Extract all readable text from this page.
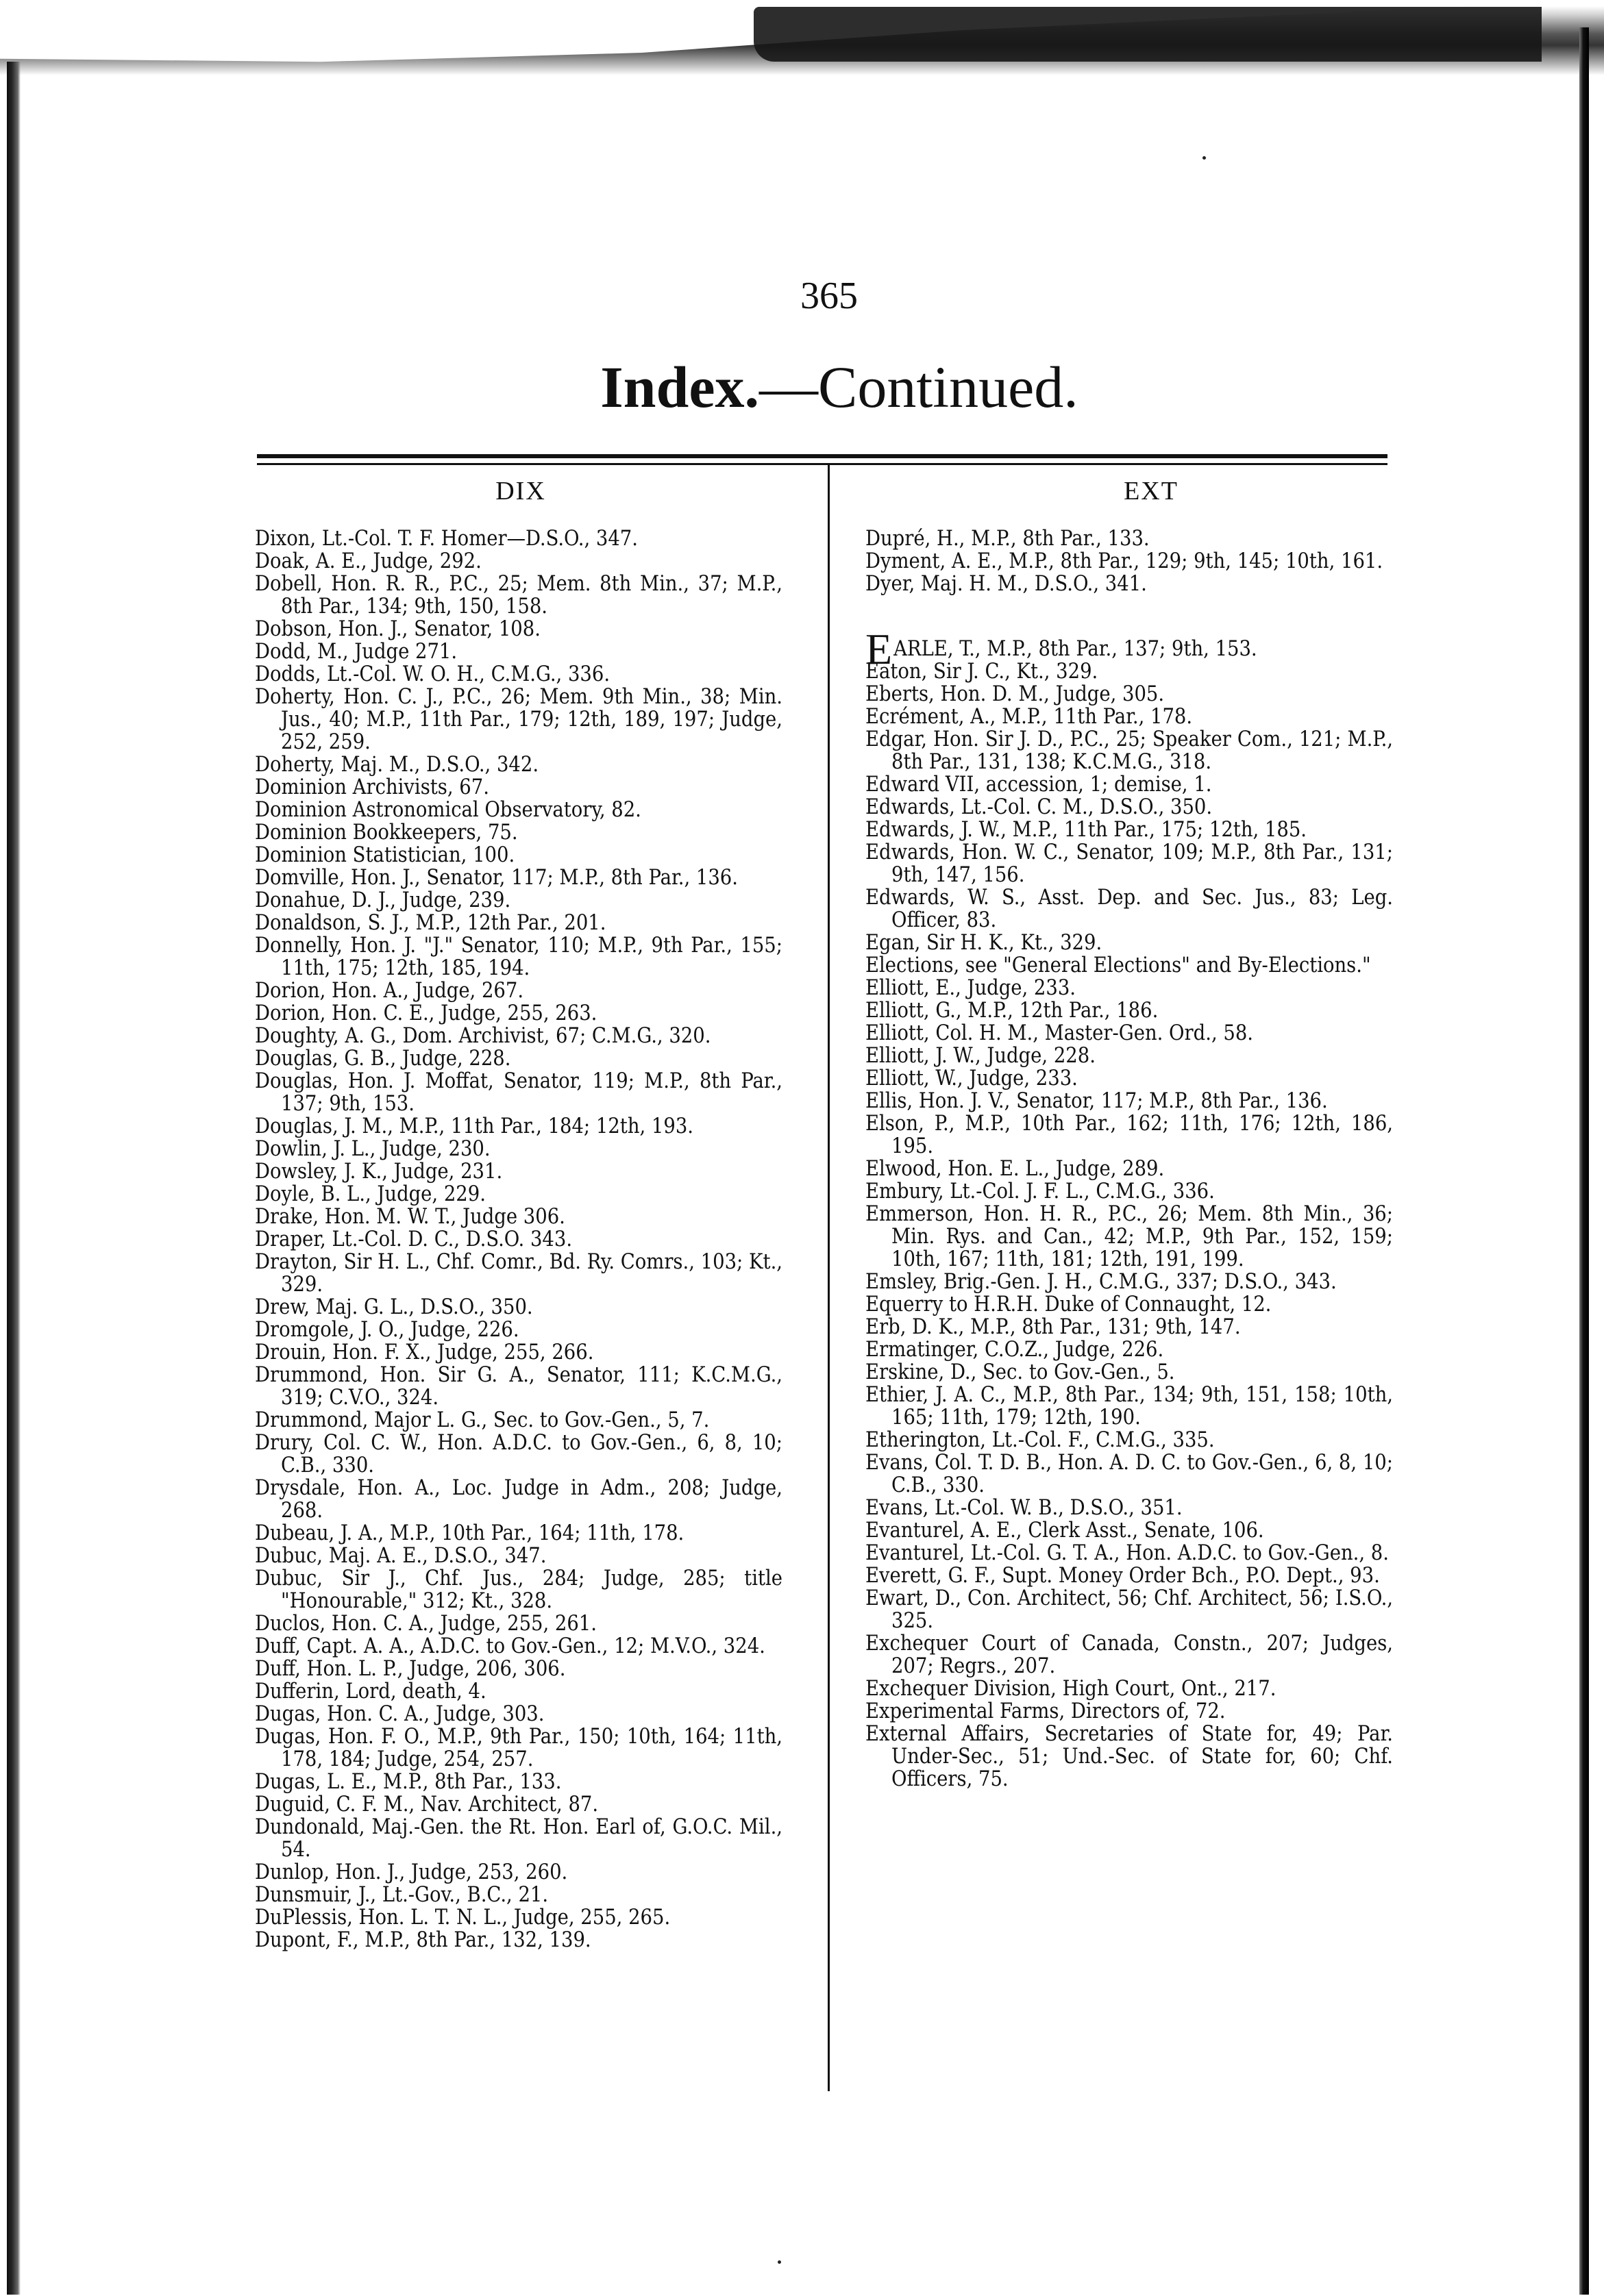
365
Index.—Continued.
DIX	EXT
Dixon, Lt.-Col. T. F. Homer—D.S.O., 347.
Doak, A. E., Judge, 292.
Dobell, Hon. R. R., P.C., 25; Mem. 8th Min., 37; M.P., 8th Par., 134; 9th, 150, 158.
Dobson, Hon. J., Senator, 108.
Dodd, M., Judge 271.
Dodds, Lt.-Col. W. O. H., C.M.G., 336.
Doherty, Hon. C. J., P.C., 26; Mem. 9th Min., 38; Min. Jus., 40; M.P., 11th Par., 179; 12th, 189, 197; Judge, 252, 259.
Doherty, Maj. M., D.S.O., 342.
Dominion Archivists, 67.
Dominion Astronomical Observatory, 82.
Dominion Bookkeepers, 75.
Dominion Statistician, 100.
Domville, Hon. J., Senator, 117; M.P., 8th Par., 136.
Donahue, D. J., Judge, 239.
Donaldson, S. J., M.P., 12th Par., 201.
Donnelly, Hon. J. "J." Senator, 110; M.P., 9th Par., 155; 11th, 175; 12th, 185, 194.
Dorion, Hon. A., Judge, 267.
Dorion, Hon. C. E., Judge, 255, 263.
Doughty, A. G., Dom. Archivist, 67; C.M.G., 320.
Douglas, G. B., Judge, 228.
Douglas, Hon. J. Moffat, Senator, 119; M.P., 8th Par., 137; 9th, 153.
Douglas, J. M., M.P., 11th Par., 184; 12th, 193.
Dowlin, J. L., Judge, 230.
Dowsley, J. K., Judge, 231.
Doyle, B. L., Judge, 229.
Drake, Hon. M. W. T., Judge 306.
Draper, Lt.-Col. D. C., D.S.O. 343.
Drayton, Sir H. L., Chf. Comr., Bd. Ry. Comrs., 103; Kt., 329.
Drew, Maj. G. L., D.S.O., 350.
Dromgole, J. O., Judge, 226.
Drouin, Hon. F. X., Judge, 255, 266.
Drummond, Hon. Sir G. A., Senator, 111; K.C.M.G., 319; C.V.O., 324.
Drummond, Major L. G., Sec. to Gov.-Gen., 5, 7.
Drury, Col. C. W., Hon. A.D.C. to Gov.-Gen., 6, 8, 10; C.B., 330.
Drysdale, Hon. A., Loc. Judge in Adm., 208; Judge, 268.
Dubeau, J. A., M.P., 10th Par., 164; 11th, 178.
Dubuc, Maj. A. E., D.S.O., 347.
Dubuc, Sir J., Chf. Jus., 284; Judge, 285; title "Honourable," 312; Kt., 328.
Duclos, Hon. C. A., Judge, 255, 261.
Duff, Capt. A. A., A.D.C. to Gov.-Gen., 12; M.V.O., 324.
Duff, Hon. L. P., Judge, 206, 306.
Dufferin, Lord, death, 4.
Dugas, Hon. C. A., Judge, 303.
Dugas, Hon. F. O., M.P., 9th Par., 150; 10th, 164; 11th, 178, 184; Judge, 254, 257.
Dugas, L. E., M.P., 8th Par., 133.
Duguid, C. F. M., Nav. Architect, 87.
Dundonald, Maj.-Gen. the Rt. Hon. Earl of, G.O.C. Mil., 54.
Dunlop, Hon. J., Judge, 253, 260.
Dunsmuir, J., Lt.-Gov., B.C., 21.
DuPlessis, Hon. L. T. N. L., Judge, 255, 265.
Dupont, F., M.P., 8th Par., 132, 139.
Dupré, H., M.P., 8th Par., 133.
Dyment, A. E., M.P., 8th Par., 129; 9th, 145; 10th, 161.
Dyer, Maj. H. M., D.S.O., 341.
EARLE, T., M.P., 8th Par., 137; 9th, 153.
Eaton, Sir J. C., Kt., 329.
Eberts, Hon. D. M., Judge, 305.
Ecrément, A., M.P., 11th Par., 178.
Edgar, Hon. Sir J. D., P.C., 25; Speaker Com., 121; M.P., 8th Par., 131, 138; K.C.M.G., 318.
Edward VII, accession, 1; demise, 1.
Edwards, Lt.-Col. C. M., D.S.O., 350.
Edwards, J. W., M.P., 11th Par., 175; 12th, 185.
Edwards, Hon. W. C., Senator, 109; M.P., 8th Par., 131; 9th, 147, 156.
Edwards, W. S., Asst. Dep. and Sec. Jus., 83; Leg. Officer, 83.
Egan, Sir H. K., Kt., 329.
Elections, see "General Elections" and By-Elections."
Elliott, E., Judge, 233.
Elliott, G., M.P., 12th Par., 186.
Elliott, Col. H. M., Master-Gen. Ord., 58.
Elliott, J. W., Judge, 228.
Elliott, W., Judge, 233.
Ellis, Hon. J. V., Senator, 117; M.P., 8th Par., 136.
Elson, P., M.P., 10th Par., 162; 11th, 176; 12th, 186, 195.
Elwood, Hon. E. L., Judge, 289.
Embury, Lt.-Col. J. F. L., C.M.G., 336.
Emmerson, Hon. H. R., P.C., 26; Mem. 8th Min., 36; Min. Rys. and Can., 42; M.P., 9th Par., 152, 159; 10th, 167; 11th, 181; 12th, 191, 199.
Emsley, Brig.-Gen. J. H., C.M.G., 337; D.S.O., 343.
Equerry to H.R.H. Duke of Connaught, 12.
Erb, D. K., M.P., 8th Par., 131; 9th, 147.
Ermatinger, C.O.Z., Judge, 226.
Erskine, D., Sec. to Gov.-Gen., 5.
Ethier, J. A. C., M.P., 8th Par., 134; 9th, 151, 158; 10th, 165; 11th, 179; 12th, 190.
Etherington, Lt.-Col. F., C.M.G., 335.
Evans, Col. T. D. B., Hon. A. D. C. to Gov.-Gen., 6, 8, 10; C.B., 330.
Evans, Lt.-Col. W. B., D.S.O., 351.
Evanturel, A. E., Clerk Asst., Senate, 106.
Evanturel, Lt.-Col. G. T. A., Hon. A.D.C. to Gov.-Gen., 8.
Everett, G. F., Supt. Money Order Bch., P.O. Dept., 93.
Ewart, D., Con. Architect, 56; Chf. Architect, 56; I.S.O., 325.
Exchequer Court of Canada, Constn., 207; Judges, 207; Regrs., 207.
Exchequer Division, High Court, Ont., 217.
Experimental Farms, Directors of, 72.
External Affairs, Secretaries of State for, 49; Par. Under-Sec., 51; Und.-Sec. of State for, 60; Chf. Officers, 75.
